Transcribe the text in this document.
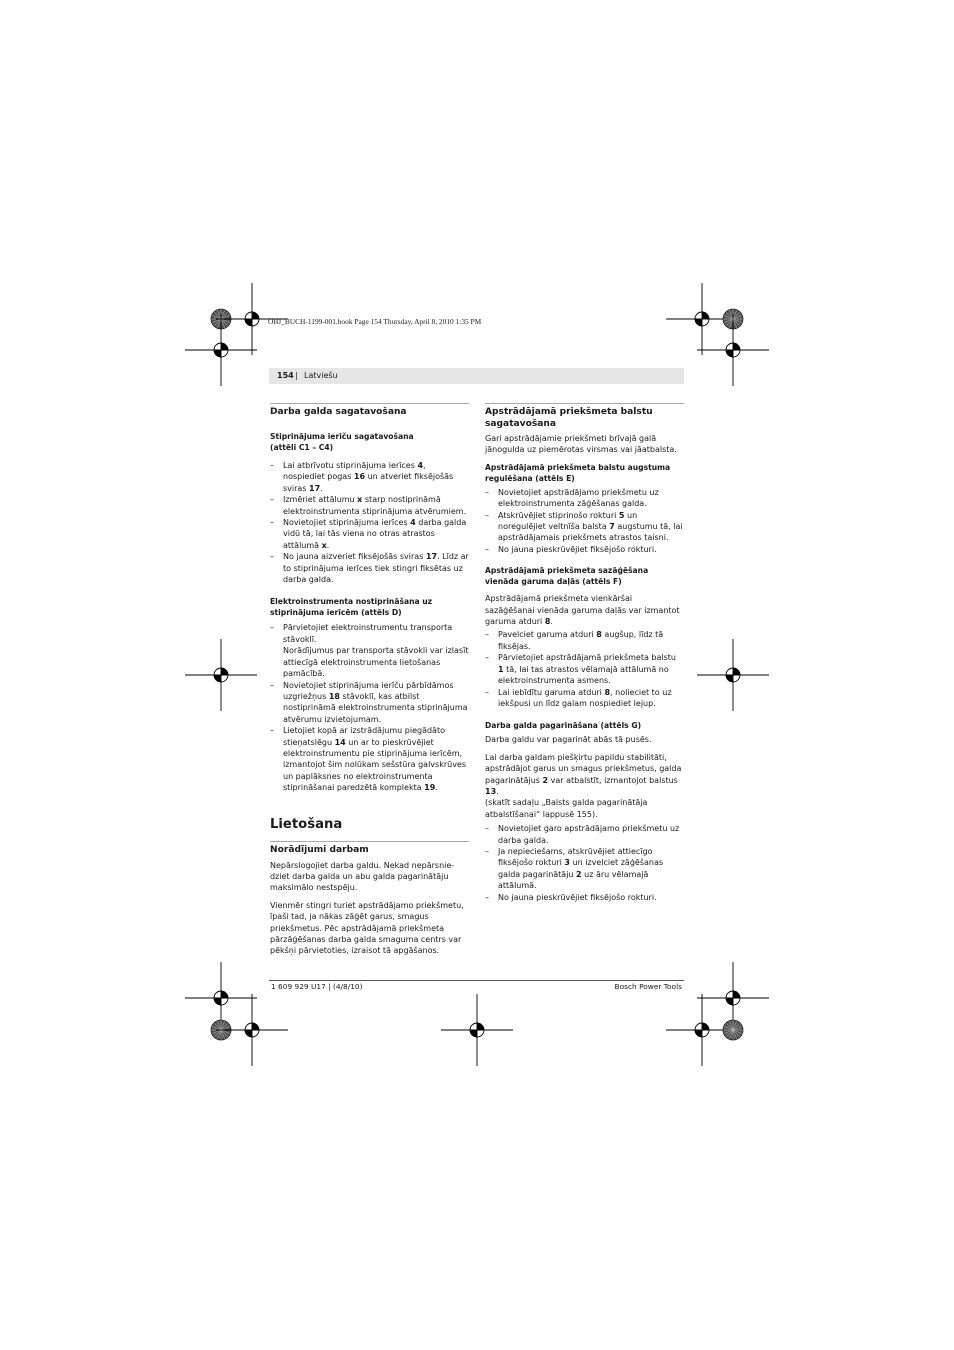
OBJ_BUCH-1199-001.book Page 154 Thursday, April 8, 2010 1:35 PM
154 | Latviešu
Darba galda sagatavošana
Stiprinājuma ierīču sagatavošana
(attēli C1 – C4)
– Lai atbrīvotu stiprinājuma ierīces 4, nospiediet pogas 16 un atveriet fiksējošās sviras 17.
– Izmēriet attālumu x starp nostiprināmā elektroinstrumenta stiprinājuma atvērumiem.
– Novietojiet stiprinājuma ierīces 4 darba galda vidū tā, lai tās viena no otras atrastos attālumā x.
– No jauna aizveriet fiksējošās sviras 17. Līdz ar to stiprinājuma ierīces tiek stingri fiksētas uz darba galda.
Elektroinstrumenta nostiprināšana uz stiprinājuma ierīcēm (attēls D)
– Pārvietojiet elektroinstrumentu transporta stāvoklī.
Norādījumus par transporta stāvokli var izlasīt attiecīgā elektroinstrumenta lietošanas pamācībā.
– Novietojiet stiprinājuma ierīču pārbīdāmos uzgriežņus 18 stāvoklī, kas atbilst nostiprināmā elektroinstrumenta stiprinājuma atvērumu izvietojumam.
– Lietojiet kopā ar izstrādājumu piegādāto stieņatslēgu 14 un ar to pieskrūvējiet elektroinstrumentu pie stiprinājuma ierīcēm, izmantojot šim nolūkam sešstūra galvskrūves un paplāksnes no elektroinstrumenta stiprināšanai paredzētā komplekta 19.
Lietošana
Norādījumi darbam

Nepārslogojiet darba galdu. Nekad nepārsnie-dziet darba galda un abu galda pagarinātāju maksimālo nestspēju.

Vienmēr stingri turiet apstrādājamo priekšmetu, īpaši tad, ja nākas zāģēt garus, smagus priekšmetus. Pēc apstrādājamā priekšmeta pārzāģēšanas darba galda smaguma centrs var pēkšņi pārvietoties, izraisot tā apgāšanos.

Apstrādājamā priekšmeta balstu sagatavošana

Gari apstrādājamie priekšmeti brīvajā galā jānogulda uz piemērotas virsmas vai jāatbalsta.

Apstrādājamā priekšmeta balstu augstuma regulēšana (attēls E)
– Novietojiet apstrādājamo priekšmetu uz elektroinstrumenta zāģēšanas galda.
– Atskrūvējiet stiprinošo rokturi 5 un noregulējiet veltnīša balsta 7 augstumu tā, lai apstrādājamais priekšmets atrastos taisni.
– No jauna pieskrūvējiet fiksējošo rokturi.
Apstrādājamā priekšmeta sazāģēšana vienāda garuma daļās (attēls F)

Apstrādājamā priekšmeta vienkāršai sazāģēšanai vienāda garuma daļās var izmantot garuma atduri 8.

– Pavelciet garuma atduri 8 augšup, līdz tā fiksējas.
– Pārvietojiet apstrādājamā priekšmeta balstu 1 tā, lai tas atrastos vēlamajā attālumā no elektroinstrumenta asmens.
– Lai iebīdītu garuma atduri 8, nolieciet to uz iekšpusi un līdz galam nospiediet lejup.
Darba galda pagarināšana (attēls G)

Darba galdu var pagarināt abās tā pusēs.

Lai darba galdam piešķirtu papildu stabilitāti, apstrādājot garus un smagus priekšmetus, galda pagarinātājus 2 var atbalstīt, izmantojot balstus 13.

(skatīt sadaļu „Balsts galda pagarinātāja atbalstīšanai“ lappusē 155).

– Novietojiet garo apstrādājamo priekšmetu uz darba galda.
– Ja nepieciešams, atskrūvējiet attiecīgo fiksējošo rokturi 3 un izvelciet zāģēšanas galda pagarinātāju 2 uz āru vēlamajā attālumā.
– No jauna pieskrūvējiet fiksējošo rokturi.
1 609 929 U17 | (4/8/10)	Bosch Power Tools
